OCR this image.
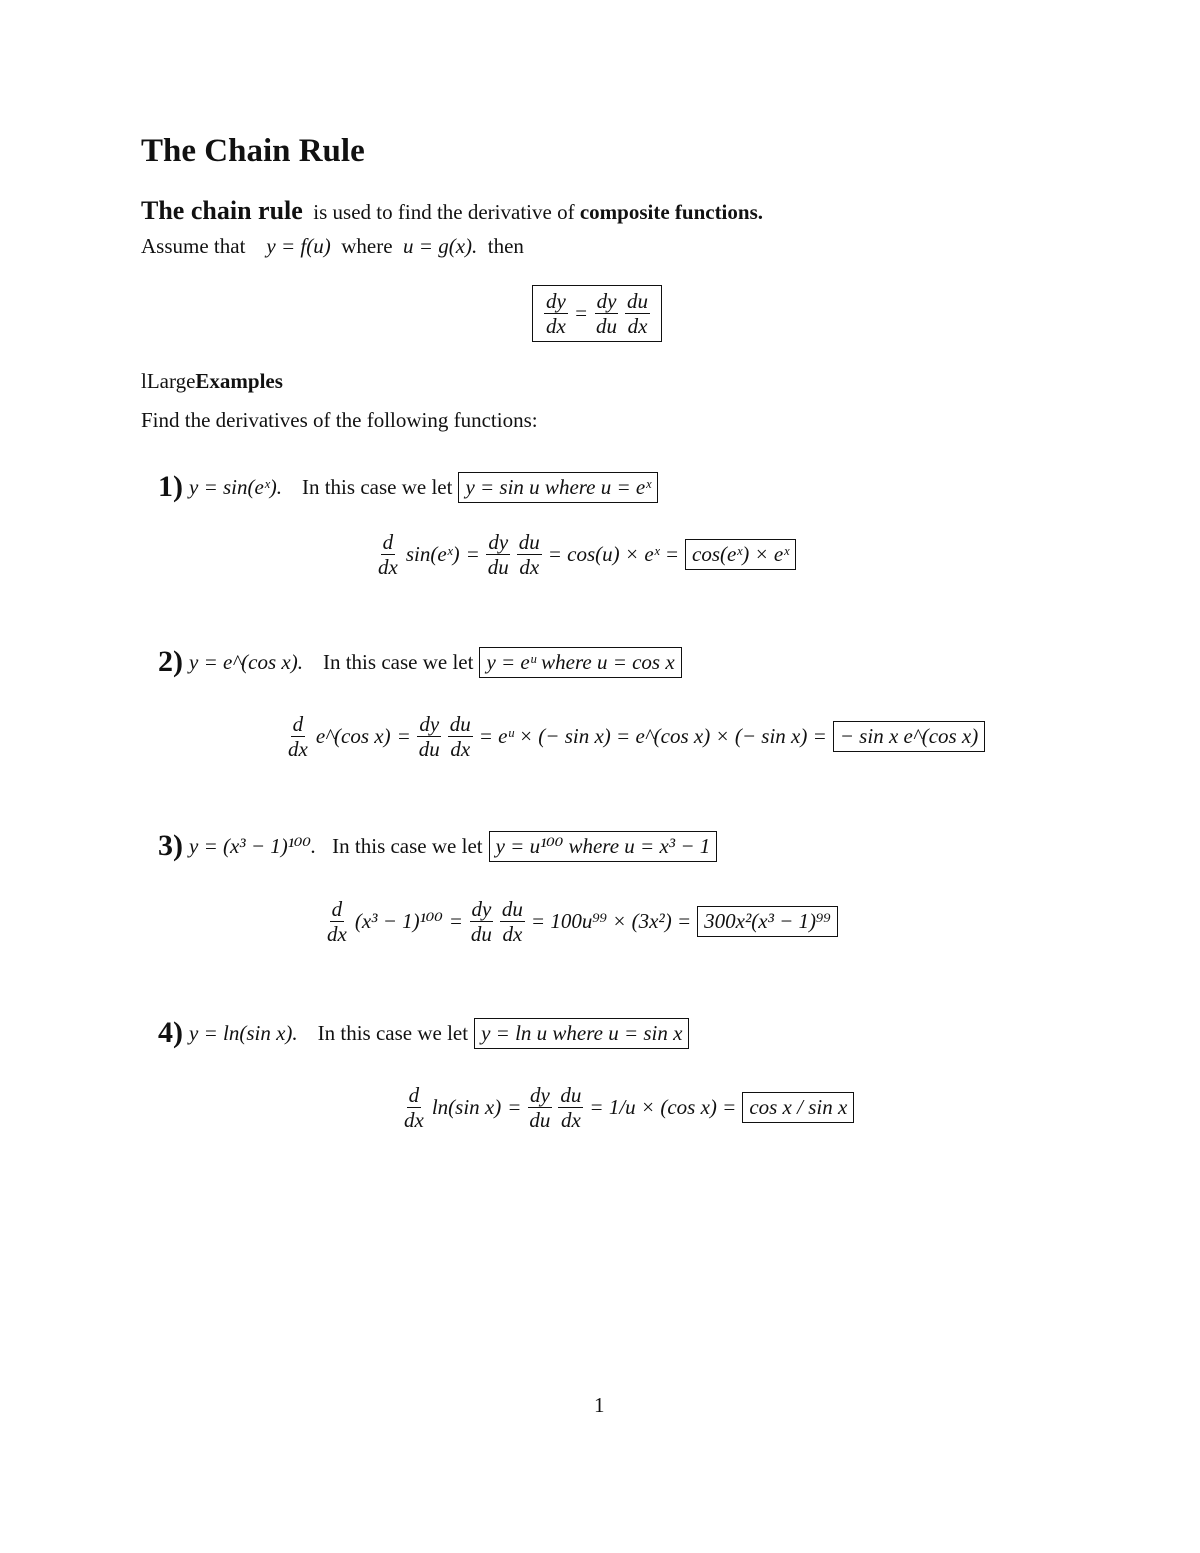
The Chain Rule
The chain rule is used to find the derivative of composite functions.
Assume that y = f(u) where u = g(x). then
$\frac{dy}{dx} = \frac{dy}{du} \frac{du}{dx}$
lLargeExamples
Find the derivatives of the following functions:
1) y = sin(eˣ). In this case we let y = sin u where u = eˣ
$\frac{d}{dx}$ sin(eˣ) = $\frac{dy}{du} \frac{du}{dx} = \cos(u)$ × eˣ = cos(eˣ) × eˣ
2) y = e^(cos x). In this case we let y = eᵘ where u = cos x
$\frac{d}{dx}$ e^(cos $x) = \frac{dy}{du} \frac{du}{dx}$ = eᵘ × (− sin x) = e^(cos x) × (− sin x) = − sin x e^(cos x)
3) y = (x³ − 1)¹⁰⁰. In this case we let y = u¹⁰⁰ where u = x³ − 1
$\frac{d}{dx} (x^3 - 1)^{100} = \frac{dy}{du} \frac{du}{dx} = 100u^{99} \times (3x^2) = 300x^2(x^3 - 1)^{99}$
4) y = ln(sin x). In this case we let y = ln u where u = sin x
$\frac{d}{dx} \ln(\sin$ $x) = \frac{dy}{du} \frac{du}{dx} = 1/u \times (\cos$ x) = cos x / sin x
1
